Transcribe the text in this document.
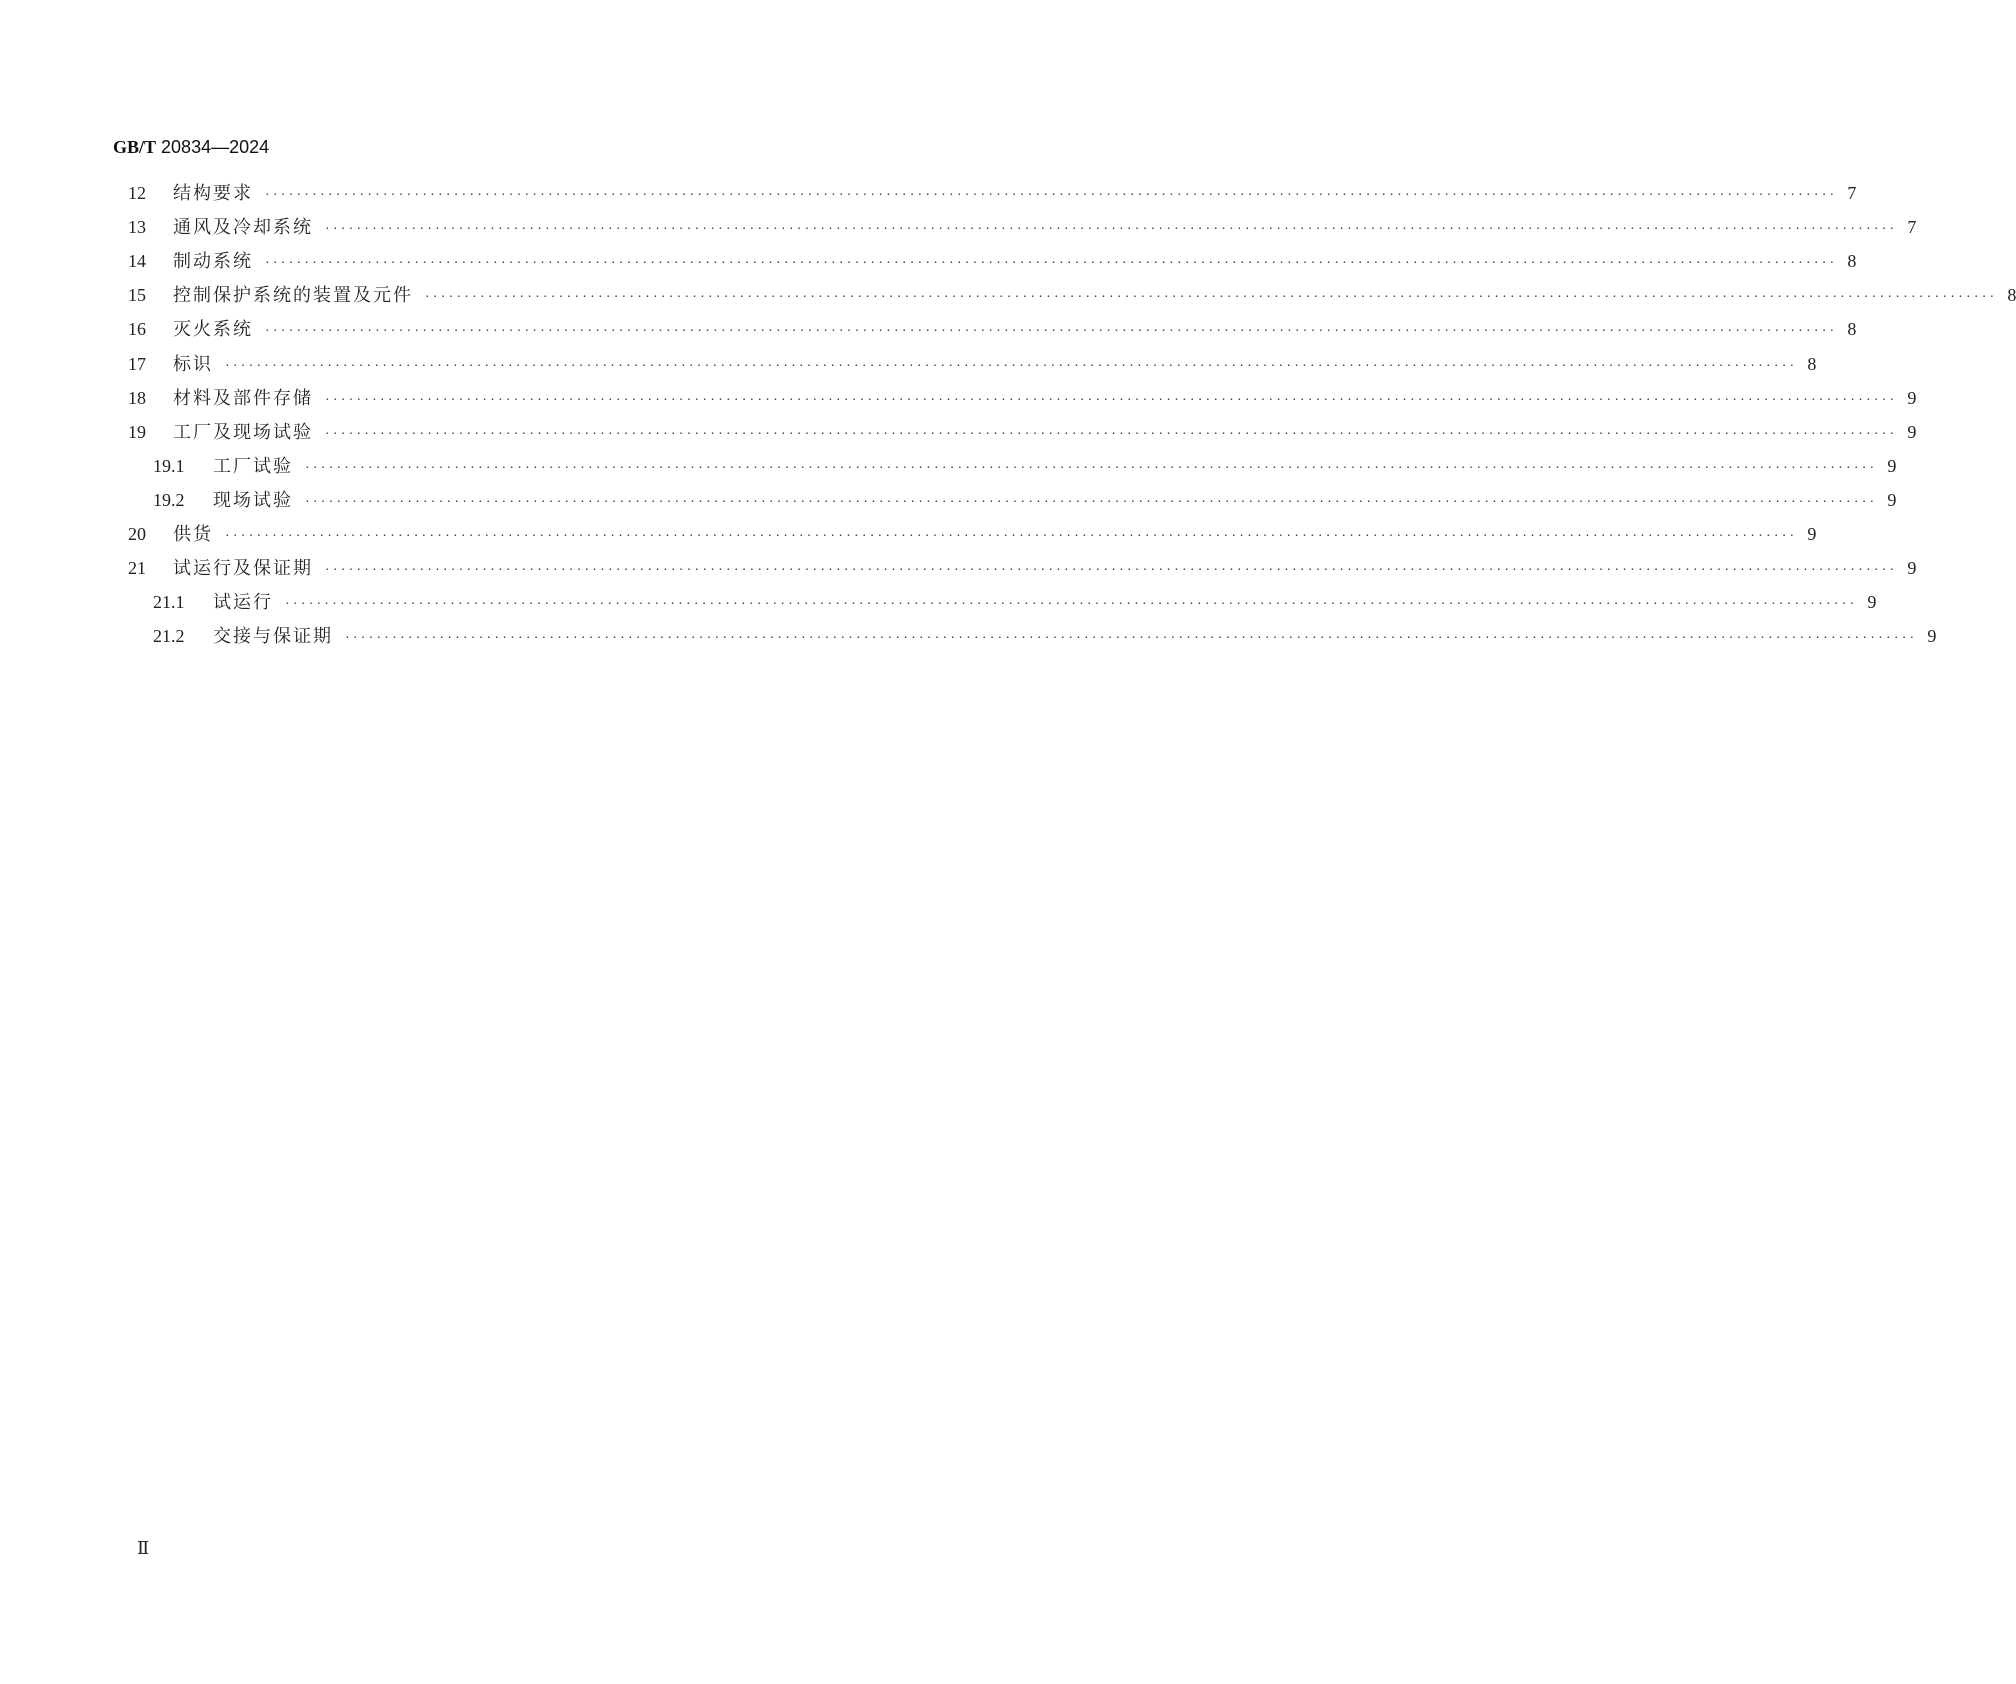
GB/T 20834—2024
12 结构要求 ········································································································································································································ 7
13 通风及冷却系统 ········································································································································································································ 7
14 制动系统 ········································································································································································································ 8
15 控制保护系统的装置及元件 ········································································································································································································ 8
16 灭火系统 ········································································································································································································ 8
17 标识 ········································································································································································································ 8
18 材料及部件存储 ········································································································································································································ 9
19 工厂及现场试验 ········································································································································································································ 9
19.1 工厂试验 ········································································································································································································ 9
19.2 现场试验 ········································································································································································································ 9
20 供货 ········································································································································································································ 9
21 试运行及保证期 ········································································································································································································ 9
21.1 试运行 ········································································································································································································ 9
21.2 交接与保证期 ········································································································································································································ 9
Ⅱ
